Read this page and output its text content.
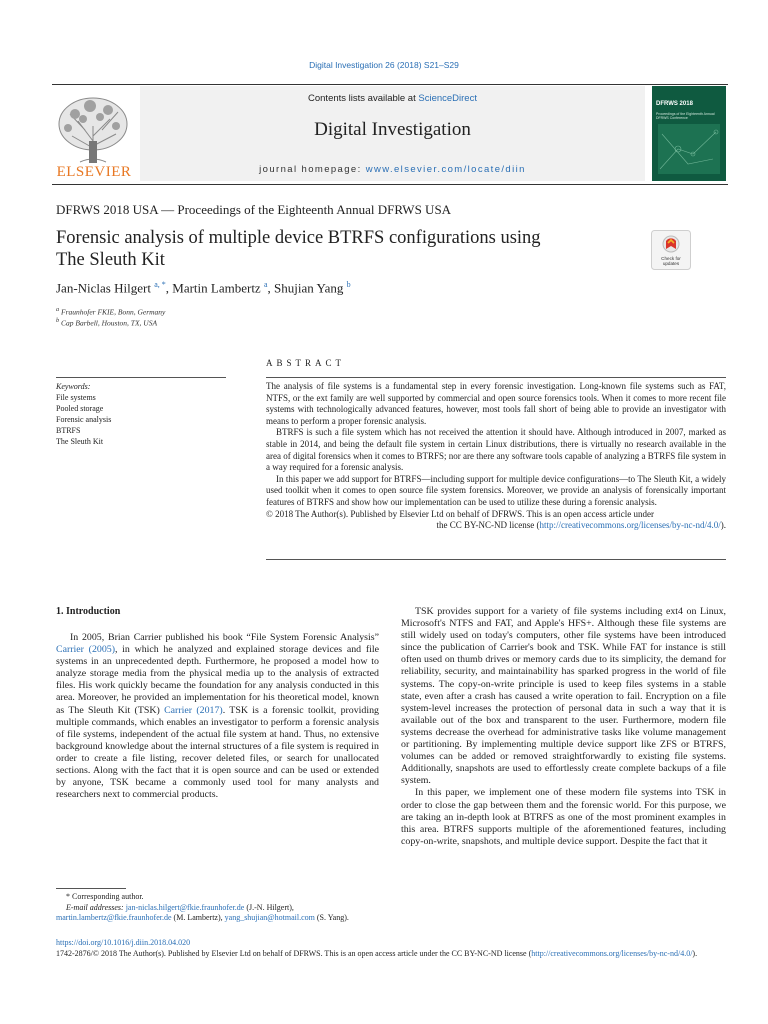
Digital Investigation 26 (2018) S21–S29
ELSEVIER
Contents lists available at ScienceDirect
Digital Investigation
journal homepage: www.elsevier.com/locate/diin
DFRWS 2018
Proceedings of the Eighteenth Annual DFRWS Conference
DFRWS 2018 USA — Proceedings of the Eighteenth Annual DFRWS USA
Forensic analysis of multiple device BTRFS configurations using
The Sleuth Kit	Check for
updates
Jan-Niclas Hilgert $^{a, *}$, Martin Lambertz $^a$, Shujian Yang $^b$
$^a$ Fraunhofer FKIE, Bonn, Germany
$^b$ Cap Barbell, Houston, TX, USA
ABSTRACT
Keywords:
File systems
Pooled storage
Forensic analysis
BTRFS
The Sleuth Kit

The analysis of file systems is a fundamental step in every forensic investigation. Long-known file systems such as FAT, NTFS, or the ext family are well supported by commercial and open source forensics tools. When it comes to more recent file systems with technologically advanced features, however, most tools fall short of being able to provide an investigator with means to perform a proper forensic analysis.

BTRFS is such a file system which has not received the attention it should have. Although introduced in 2007, marked as stable in 2014, and being the default file system in certain Linux distributions, there is virtually no research available in the area of digital forensics when it comes to BTRFS; nor are there any software tools capable of analyzing a BTRFS file system in a way required for a forensic analysis.

In this paper we add support for BTRFS—including support for multiple device configurations—to The Sleuth Kit, a widely used toolkit when it comes to open source file system forensics. Moreover, we provide an analysis of forensically important features of BTRFS and show how our implementation can be used to utilize these during a forensic analysis.

© 2018 The Author(s). Published by Elsevier Ltd on behalf of DFRWS. This is an open access article under

the CC BY-NC-ND license (http://creativecommons.org/licenses/by-nc-nd/4.0/).

1. Introduction

In 2005, Brian Carrier published his book “File System Forensic Analysis” Carrier (2005), in which he analyzed and explained storage devices and file systems in an unprecedented depth. Furthermore, he proposed a model how to analyze storage media from the physical media up to the analysis of extracted files. His work quickly became the foundation for any analysis conducted in this area. Moreover, he provided an implementation for his theoretical model, known as The Sleuth Kit (TSK) Carrier (2017). TSK is a forensic toolkit, providing multiple commands, which enables an investigator to perform a forensic analysis of file systems, independent of the actual file system at hand. Thus, no extensive background knowledge about the internal structures of a file system is required in order to create a file listing, recover deleted files, or search for unallocated sections. Along with the fact that it is open source and can be used or extended by anyone, TSK became a commonly used tool for many analysts and researchers next to commercial products.

TSK provides support for a variety of file systems including ext4 on Linux, Microsoft's NTFS and FAT, and Apple's HFS+. Although these file systems are still widely used on today's computers, other file systems have been introduced since the publication of Carrier's book and TSK. While FAT for instance is still often used on thumb drives or memory cards due to its simplicity, the demand for reliability, security, and maintainability has sparked progress in the world of file systems. The copy-on-write principle is used to keep files systems in a stable state, even after a crash has caused a write operation to fail. Encryption on a file system-level increases the protection of personal data in such a way that it is available out of the box and transparent to the user. Furthermore, modern file systems decrease the overhead for administrative tasks like volume management or partitioning. By implementing multiple device support like ZFS or BTRFS, volumes can be added or removed straightforwardly to existing file systems. Additionally, snapshots are used to effortlessly create complete backups of a file system.

In this paper, we implement one of these modern file systems into TSK in order to close the gap between them and the forensic world. For this purpose, we are taking an in-depth look at BTRFS as one of the most prominent examples in this area. BTRFS supports multiple of the aforementioned features, including copy-on-write, snapshots, and multiple device support. Despite the fact that it

* Corresponding author.

E-mail addresses: jan-niclas.hilgert@fkie.fraunhofer.de (J.-N. Hilgert), martin.lambertz@fkie.fraunhofer.de (M. Lambertz), yang_shujian@hotmail.com (S. Yang).

https://doi.org/10.1016/j.diin.2018.04.020
1742-2876/© 2018 The Author(s). Published by Elsevier Ltd on behalf of DFRWS. This is an open access article under the CC BY-NC-ND license (http://creativecommons.org/licenses/by-nc-nd/4.0/).
